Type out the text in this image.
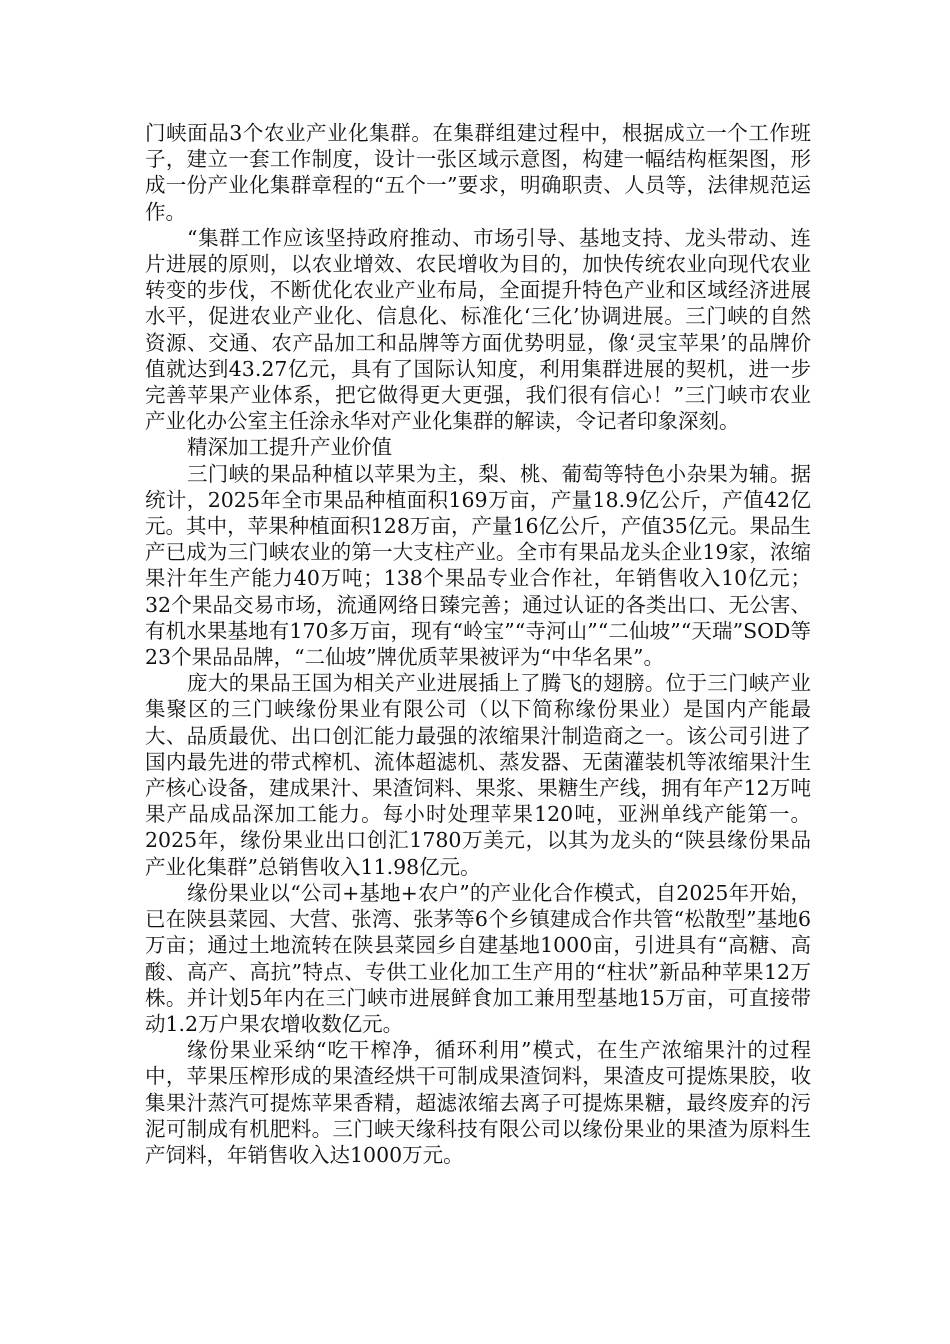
门峡面品3个农业产业化集群。在集群组建过程中，根据成立一个工作班子，建立一套工作制度，设计一张区域示意图，构建一幅结构框架图，形成一份产业化集群章程的“五个一”要求，明确职责、人员等，法律规范运作。

“集群工作应该坚持政府推动、市场引导、基地支持、龙头带动、连片进展的原则，以农业增效、农民增收为目的，加快传统农业向现代农业转变的步伐，不断优化农业产业布局，全面提升特色产业和区域经济进展水平，促进农业产业化、信息化、标准化‘三化’协调进展。三门峡的自然资源、交通、农产品加工和品牌等方面优势明显，像‘灵宝苹果’的品牌价值就达到43.27亿元，具有了国际认知度，利用集群进展的契机，进一步完善苹果产业体系，把它做得更大更强，我们很有信心！”三门峡市农业产业化办公室主任涂永华对产业化集群的解读，令记者印象深刻。

精深加工提升产业价值

三门峡的果品种植以苹果为主，梨、桃、葡萄等特色小杂果为辅。据统计，2025年全市果品种植面积169万亩，产量18.9亿公斤，产值42亿元。其中，苹果种植面积128万亩，产量16亿公斤，产值35亿元。果品生产已成为三门峡农业的第一大支柱产业。全市有果品龙头企业19家，浓缩果汁年生产能力40万吨；138个果品专业合作社，年销售收入10亿元；32个果品交易市场，流通网络日臻完善；通过认证的各类出口、无公害、有机水果基地有170多万亩，现有“岭宝”“寺河山”“二仙坡”“天瑞”SOD等23个果品品牌，“二仙坡”牌优质苹果被评为“中华名果”。

庞大的果品王国为相关产业进展插上了腾飞的翅膀。位于三门峡产业集聚区的三门峡缘份果业有限公司（以下简称缘份果业）是国内产能最大、品质最优、出口创汇能力最强的浓缩果汁制造商之一。该公司引进了国内最先进的带式榨机、流体超滤机、蒸发器、无菌灌装机等浓缩果汁生产核心设备，建成果汁、果渣饲料、果浆、果糖生产线，拥有年产12万吨果产品成品深加工能力。每小时处理苹果120吨，亚洲单线产能第一。2025年，缘份果业出口创汇1780万美元，以其为龙头的“陕县缘份果品产业化集群”总销售收入11.98亿元。

缘份果业以“公司+基地+农户”的产业化合作模式，自2025年开始，已在陕县菜园、大营、张湾、张茅等6个乡镇建成合作共管“松散型”基地6万亩；通过土地流转在陕县菜园乡自建基地1000亩，引进具有“高糖、高酸、高产、高抗”特点、专供工业化加工生产用的“柱状”新品种苹果12万株。并计划5年内在三门峡市进展鲜食加工兼用型基地15万亩，可直接带动1.2万户果农增收数亿元。

缘份果业采纳“吃干榨净，循环利用”模式，在生产浓缩果汁的过程中，苹果压榨形成的果渣经烘干可制成果渣饲料，果渣皮可提炼果胶，收集果汁蒸汽可提炼苹果香精，超滤浓缩去离子可提炼果糖，最终废弃的污泥可制成有机肥料。三门峡天缘科技有限公司以缘份果业的果渣为原料生产饲料，年销售收入达1000万元。
